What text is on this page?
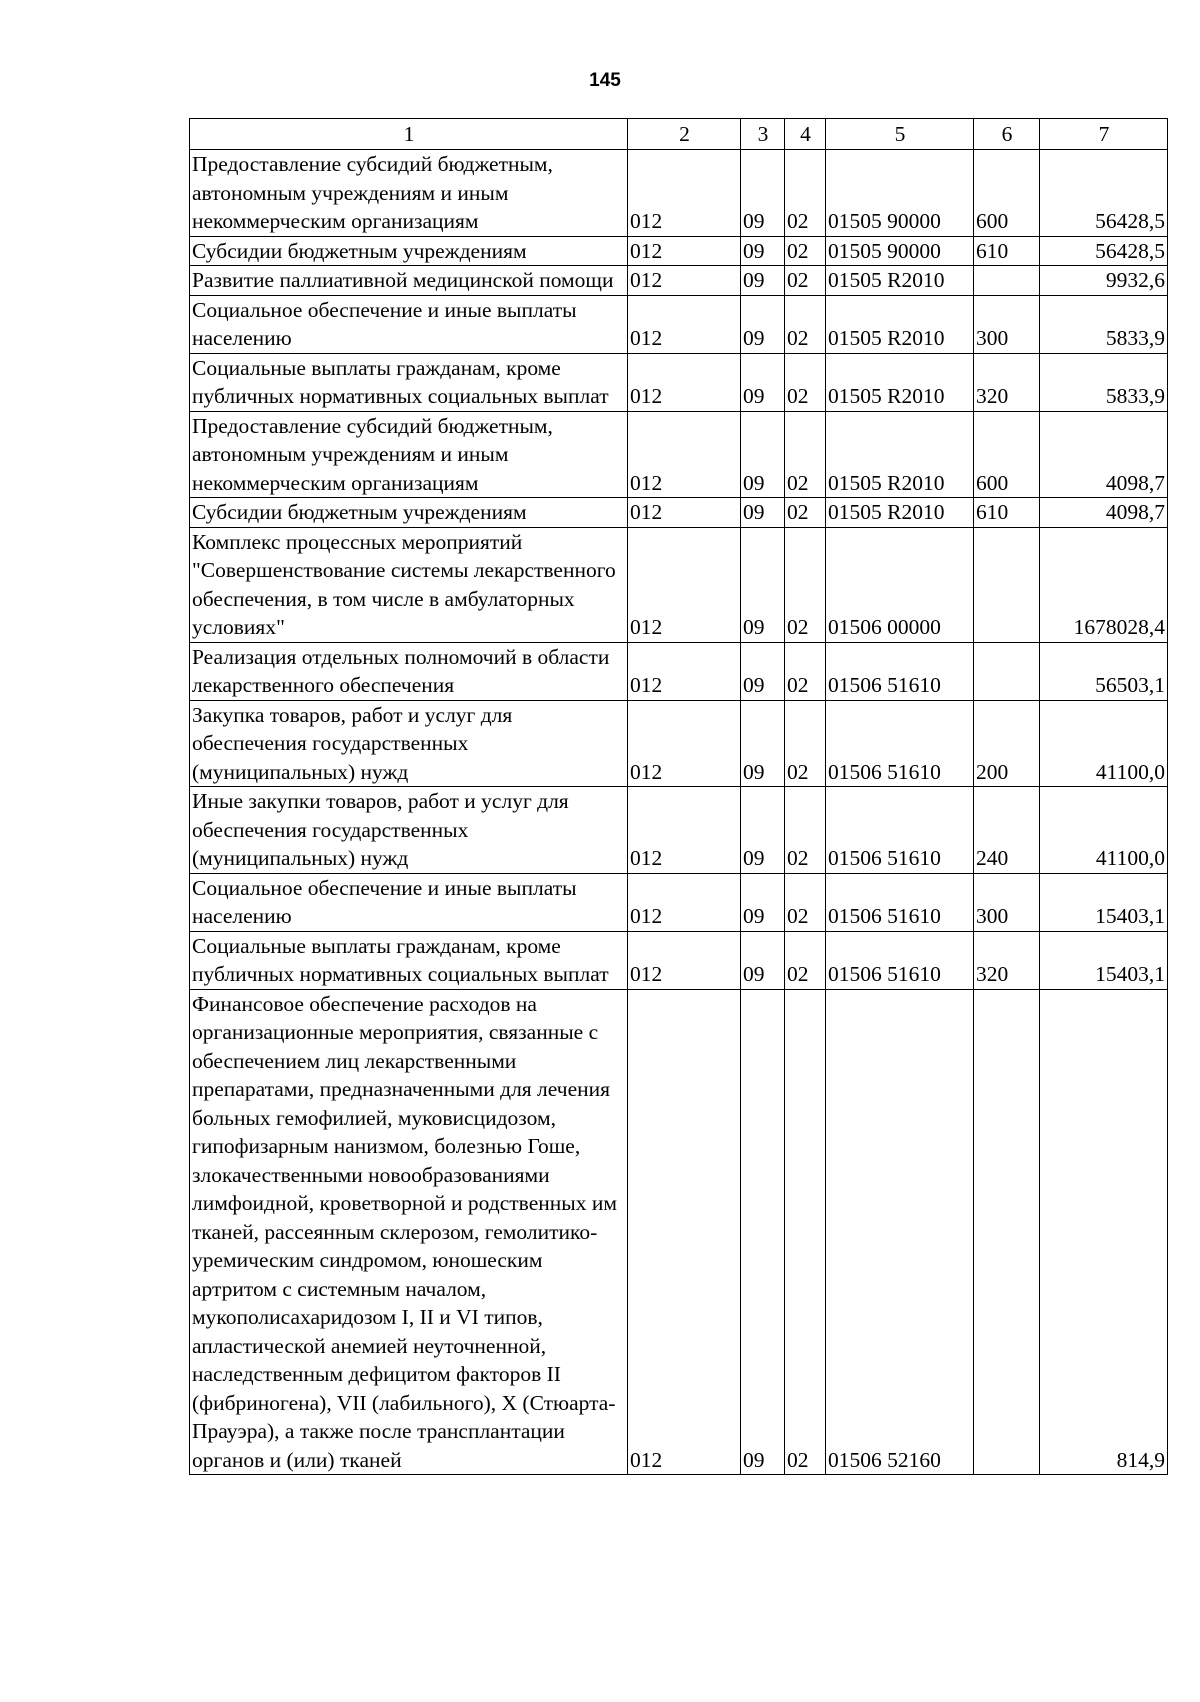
145
1	2	3	4	5	6	7
Предоставление субсидий бюджетным, автономным учреждениям и иным некоммерческим организациям	012	09	02	01505 90000	600	56428,5
Субсидии бюджетным учреждениям	012	09	02	01505 90000	610	56428,5
Развитие паллиативной медицинской помощи	012	09	02	01505 R2010		9932,6
Социальное обеспечение и иные выплаты населению	012	09	02	01505 R2010	300	5833,9
Социальные выплаты гражданам, кроме публичных нормативных социальных выплат	012	09	02	01505 R2010	320	5833,9
Предоставление субсидий бюджетным, автономным учреждениям и иным некоммерческим организациям	012	09	02	01505 R2010	600	4098,7
Субсидии бюджетным учреждениям	012	09	02	01505 R2010	610	4098,7
Комплекс процессных мероприятий "Совершенствование системы лекарственного обеспечения, в том числе в амбулаторных условиях"	012	09	02	01506 00000		1678028,4
Реализация отдельных полномочий в области лекарственного обеспечения	012	09	02	01506 51610		56503,1
Закупка товаров, работ и услуг для обеспечения государственных (муниципальных) нужд	012	09	02	01506 51610	200	41100,0
Иные закупки товаров, работ и услуг для обеспечения государственных (муниципальных) нужд	012	09	02	01506 51610	240	41100,0
Социальное обеспечение и иные выплаты населению	012	09	02	01506 51610	300	15403,1
Социальные выплаты гражданам, кроме публичных нормативных социальных выплат	012	09	02	01506 51610	320	15403,1
Финансовое обеспечение расходов на организационные мероприятия, связанные с обеспечением лиц лекарственными препаратами, предназначенными для лечения больных гемофилией, муковисцидозом, гипофизарным нанизмом, болезнью Гоше, злокачественными новообразованиями лимфоидной, кроветворной и родственных им тканей, рассеянным склерозом, гемолитико-уремическим синдромом, юношеским артритом с системным началом, мукополисахаридозом I, II и VI типов, апластической анемией неуточненной, наследственным дефицитом факторов II (фибриногена), VII (лабильного), X (Стюарта-Прауэра), а также после трансплантации органов и (или) тканей	012	09	02	01506 52160		814,9
